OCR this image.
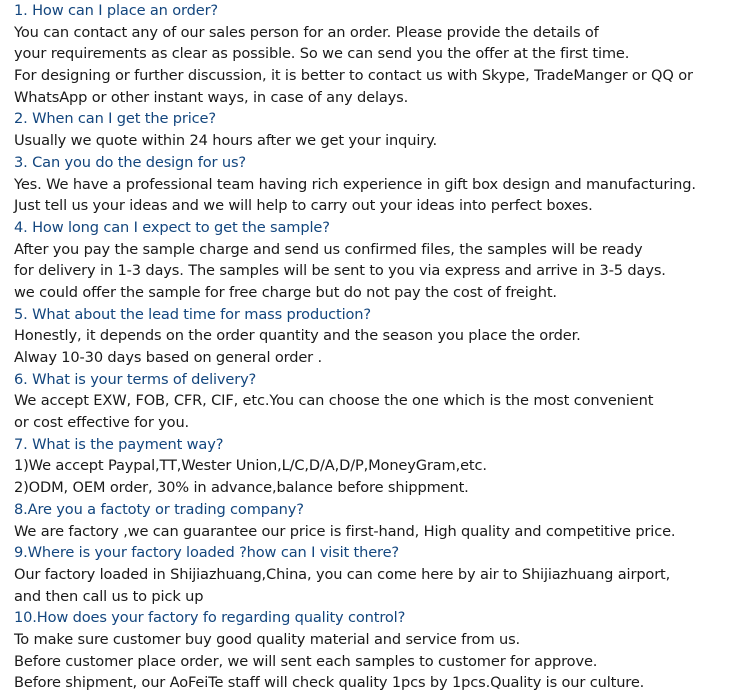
1. How can I place an order?
You can contact any of our sales person for an order. Please provide the details of
your requirements as clear as possible. So we can send you the offer at the first time.
For designing or further discussion, it is better to contact us with Skype, TradeManger or QQ or
WhatsApp or other instant ways, in case of any delays.
2. When can I get the price?
Usually we quote within 24 hours after we get your inquiry.
3. Can you do the design for us?
Yes. We have a professional team having rich experience in gift box design and manufacturing.
Just tell us your ideas and we will help to carry out your ideas into perfect boxes.
4. How long can I expect to get the sample?
After you pay the sample charge and send us confirmed files, the samples will be ready
for delivery in 1-3 days. The samples will be sent to you via express and arrive in 3-5 days.
we could offer the sample for free charge but do not pay the cost of freight.
5. What about the lead time for mass production?
Honestly, it depends on the order quantity and the season you place the order.
Alway 10-30 days based on general order .
6. What is your terms of delivery?
We accept EXW, FOB, CFR, CIF, etc.You can choose the one which is the most convenient
or cost effective for you.
7. What is the payment way?
1)We accept Paypal,TT,Wester Union,L/C,D/A,D/P,MoneyGram,etc.
2)ODM, OEM order, 30% in advance,balance before shippment.
8.Are you a factoty or trading company?
We are factory ,we can guarantee our price is first-hand, High quality and competitive price.
9.Where is your factory loaded ?how can I visit there?
Our factory loaded in Shijiazhuang,China, you can come here by air to Shijiazhuang airport,
and then call us to pick up
10.How does your factory fo regarding quality control?
To make sure customer buy good quality material and service from us.
Before customer place order, we will sent each samples to customer for approve.
Before shipment, our AoFeiTe staff will check quality 1pcs by 1pcs.Quality is our culture.
